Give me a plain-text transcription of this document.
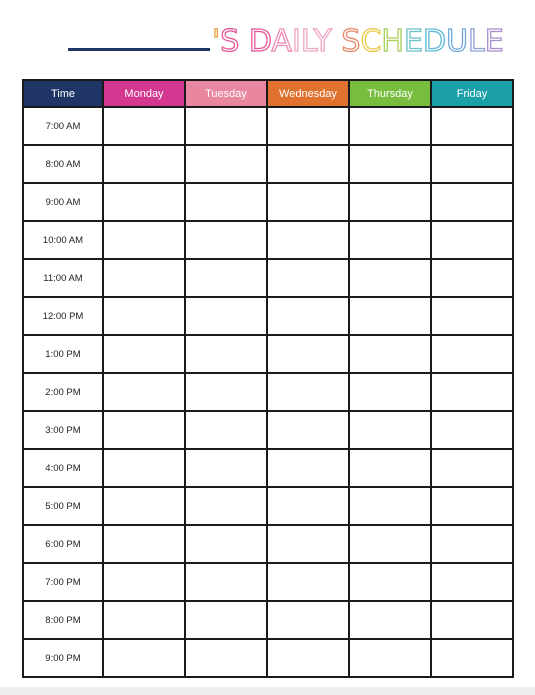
'S DAILY SCHEDULE
Time	Monday	Tuesday	Wednesday	Thursday	Friday
7:00 AM					
8:00 AM					
9:00 AM					
10:00 AM					
11:00 AM					
12:00 PM					
1:00 PM					
2:00 PM					
3:00 PM					
4:00 PM					
5:00 PM					
6:00 PM					
7:00 PM					
8:00 PM					
9:00 PM					
